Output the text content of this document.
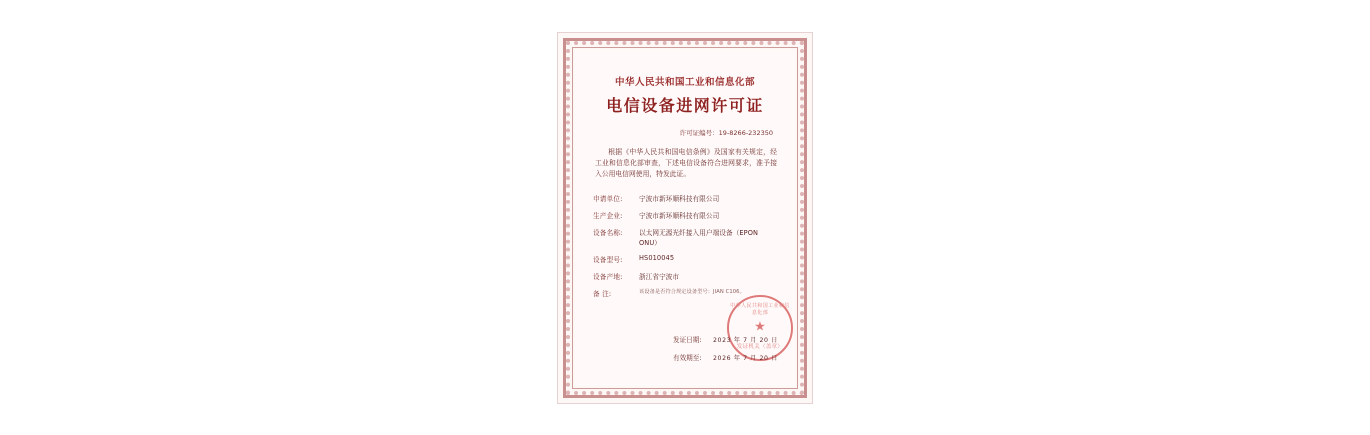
中华人民共和国工业和信息化部
电信设备进网许可证
许可证编号：19-8266-232350
根据《中华人民共和国电信条例》及国家有关规定，经工业和信息化部审查，下述电信设备符合进网要求，准予接入公用电信网使用，特发此证。
申请单位:	宁波市新环顺科技有限公司
生产企业:	宁波市新环顺科技有限公司
设备名称:	以太网无源光纤接入用户端设备（EPON ONU）
设备型号:	HS010045
设备产地:	浙江省宁波市
备 注:	该设备是否符合规定设备型号：JIAN C106。
中华人民共和国工业和信息化部
★
发证机关（盖章）
发证日期:	2023 年 7 月 20 日
有效期至:	2026 年 7 月 20 日
